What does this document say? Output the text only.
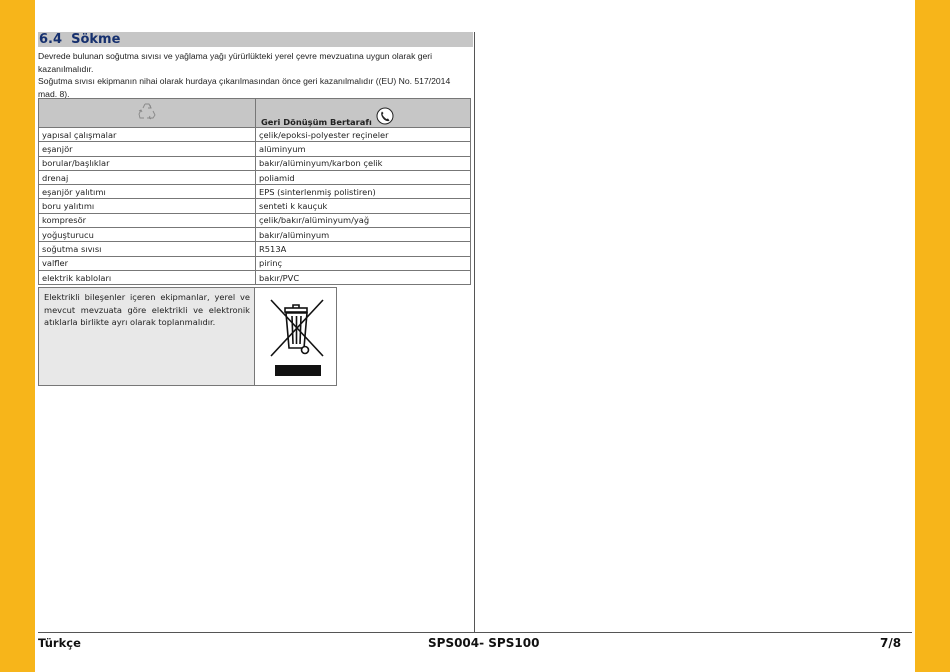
6.4 Sökme

Devrede bulunan soğutma sıvısı ve yağlama yağı yürürlükteki yerel çevre mevzuatına uygun olarak geri kazanılmalıdır.

Soğutma sıvısı ekipmanın nihai olarak hurdaya çıkarılmasından önce geri kazanılmalıdır ((EU) No. 517/2014 mad. 8).

	Geri Dönüşüm Bertarafı
yapısal çalışmalar	çelik/epoksi-polyester reçineler
eşanjör	alüminyum
borular/başlıklar	bakır/alüminyum/karbon çelik
drenaj	poliamid
eşanjör yalıtımı	EPS (sinterlenmiş polistiren)
boru yalıtımı	senteti k kauçuk
kompresör	çelik/bakır/alüminyum/yağ
yoğuşturucu	bakır/alüminyum
soğutma sıvısı	R513A
valfler	pirinç
elektrik kabloları	bakır/PVC
Elektrikli bileşenler içeren ekipmanlar, yerel ve mevcut mevzuata göre elektrikli ve elektronik atıklarla birlikte ayrı olarak toplanmalıdır.
Türkçe	SPS004- SPS100	7/8
